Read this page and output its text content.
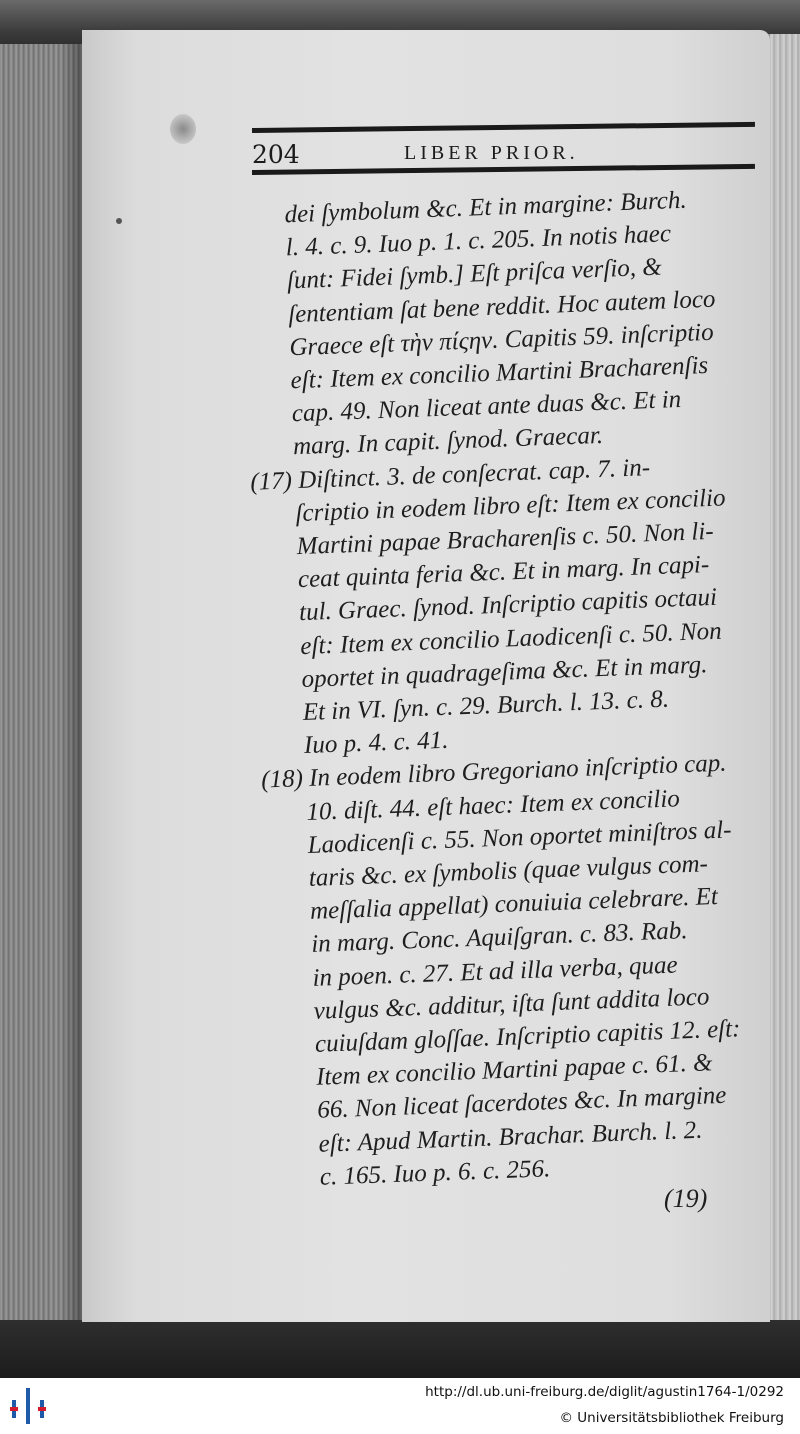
204	LIBER PRIOR.
dei ſymbolum &c. Et in margine: Burch.
l. 4. c. 9. Iuo p. 1. c. 205. In notis haec
ſunt: Fidei ſymb.] Eſt priſca verſio, &
ſententiam ſat bene reddit. Hoc autem loco
Graece eſt τὴν πίςην. Capitis 59. inſcriptio
eſt: Item ex concilio Martini Bracharenſis
cap. 49. Non liceat ante duas &c. Et in
marg. In capit. ſynod. Graecar.
(17) Diſtinct. 3. de conſecrat. cap. 7. in-
ſcriptio in eodem libro eſt: Item ex concilio
Martini papae Bracharenſis c. 50. Non li-
ceat quinta feria &c. Et in marg. In capi-
tul. Graec. ſynod. Inſcriptio capitis octaui
eſt: Item ex concilio Laodicenſi c. 50. Non
oportet in quadrageſima &c. Et in marg.
Et in VI. ſyn. c. 29. Burch. l. 13. c. 8.
Iuo p. 4. c. 41.
(18) In eodem libro Gregoriano inſcriptio cap.
10. diſt. 44. eſt haec: Item ex concilio
Laodicenſi c. 55. Non oportet miniſtros al-
taris &c. ex ſymbolis (quae vulgus com-
meſſalia appellat) conuiuia celebrare. Et
in marg. Conc. Aquiſgran. c. 83. Rab.
in poen. c. 27. Et ad illa verba, quae
vulgus &c. additur, iſta ſunt addita loco
cuiuſdam gloſſae. Inſcriptio capitis 12. eſt:
Item ex concilio Martini papae c. 61. &
66. Non liceat ſacerdotes &c. In margine
eſt: Apud Martin. Brachar. Burch. l. 2.
c. 165. Iuo p. 6. c. 256.
(19)
http://dl.ub.uni-freiburg.de/diglit/agustin1764-1/0292
© Universitätsbibliothek Freiburg
